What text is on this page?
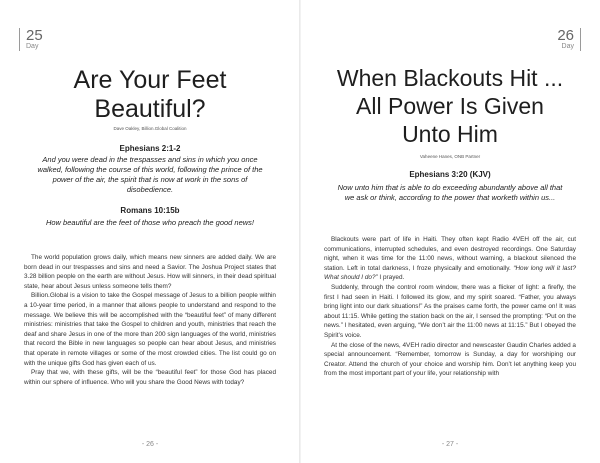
25
Day
Are Your Feet
Beautiful?
Dave Oakley, Billion.Global Coalition
Ephesians 2:1-2
And you were dead in the trespasses and sins in which you once walked, following the course of this world, following the prince of the power of the air, the spirit that is now at work in the sons of disobedience.
Romans 10:15b
How beautiful are the feet of those who preach the good news!

The world population grows daily, which means new sinners are added daily. We are born dead in our trespasses and sins and need a Savior. The Joshua Project states that 3.28 billion people on the earth are without Jesus. How will sinners, in their dead spiritual state, hear about Jesus unless someone tells them?

Billion.Global is a vision to take the Gospel message of Jesus to a billion people within a 10-year time period, in a manner that allows people to understand and respond to the message. We believe this will be accomplished with the “beautiful feet” of many different ministries: ministries that take the Gospel to children and youth, ministries that reach the deaf and share Jesus in one of the more than 200 sign languages of the world, ministries that record the Bible in new languages so people can hear about Jesus, and ministries that operate in remote villages or some of the most crowded cities. The list could go on with the unique gifts God has given each of us.

Pray that we, with these gifts, will be the “beautiful feet” for those God has placed within our sphere of influence. Who will you share the Good News with today?

- 26 -
26
Day
When Blackouts Hit ...
All Power Is Given
Unto Him
Vaheene Hanes, ONB Partner
Ephesians 3:20 (KJV)
Now unto him that is able to do exceeding abundantly above all that we ask or think, according to the power that worketh within us...

Blackouts were part of life in Haiti. They often kept Radio 4VEH off the air, cut communications, interrupted schedules, and even destroyed recordings. One Saturday night, when it was time for the 11:00 news, without warning, a blackout silenced the station. Left in total darkness, I froze physically and emotionally. “How long will it last? What should I do?” I prayed.

Suddenly, through the control room window, there was a flicker of light: a firefly, the first I had seen in Haiti. I followed its glow, and my spirit soared. “Father, you always bring light into our dark situations!” As the praises came forth, the power came on! It was about 11:15. While getting the station back on the air, I sensed the prompting: “Put on the news.” I hesitated, even arguing, “We don’t air the 11:00 news at 11:15.” But I obeyed the Spirit’s voice.

At the close of the news, 4VEH radio director and newscaster Gaudin Charles added a special announcement. “Remember, tomorrow is Sunday, a day for worshiping our Creator. Attend the church of your choice and worship him. Don’t let anything keep you from the most important part of your life, your relationship with

- 27 -
